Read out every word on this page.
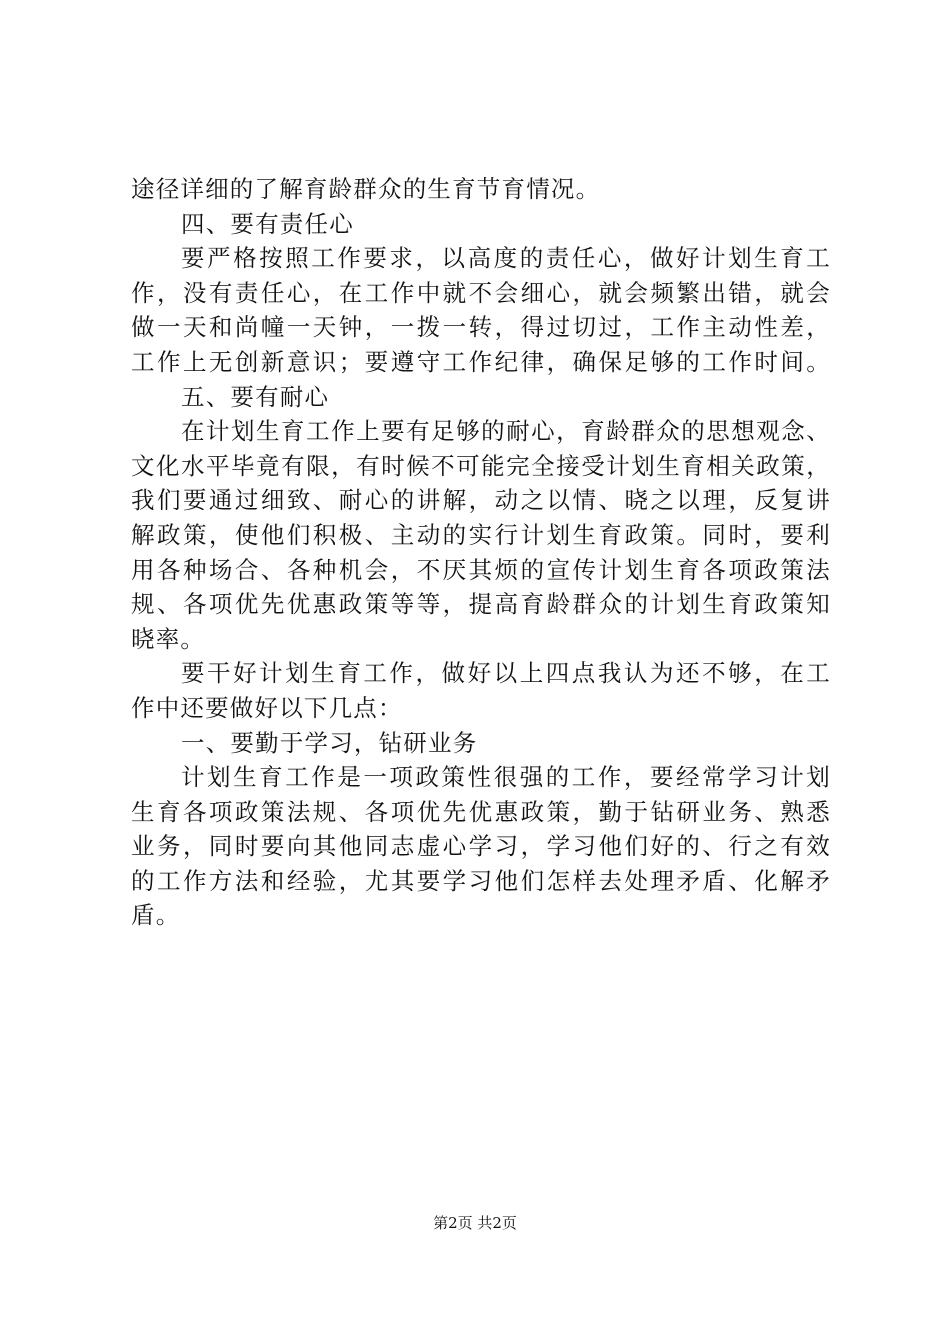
途径详细的了解育龄群众的生育节育情况。
四、要有责任心
要严格按照工作要求，以高度的责任心，做好计划生育工
作，没有责任心，在工作中就不会细心，就会频繁出错，就会
做一天和尚幢一天钟，一拨一转，得过切过，工作主动性差，
工作上无创新意识；要遵守工作纪律，确保足够的工作时间。
五、要有耐心
在计划生育工作上要有足够的耐心，育龄群众的思想观念、
文化水平毕竟有限，有时候不可能完全接受计划生育相关政策，
我们要通过细致、耐心的讲解，动之以情、晓之以理，反复讲
解政策，使他们积极、主动的实行计划生育政策。同时，要利
用各种场合、各种机会，不厌其烦的宣传计划生育各项政策法
规、各项优先优惠政策等等，提高育龄群众的计划生育政策知
晓率。
要干好计划生育工作，做好以上四点我认为还不够，在工
作中还要做好以下几点：
一、要勤于学习，钻研业务
计划生育工作是一项政策性很强的工作，要经常学习计划
生育各项政策法规、各项优先优惠政策，勤于钻研业务、熟悉
业务，同时要向其他同志虚心学习，学习他们好的、行之有效
的工作方法和经验，尤其要学习他们怎样去处理矛盾、化解矛
盾。
第2页 共2页
